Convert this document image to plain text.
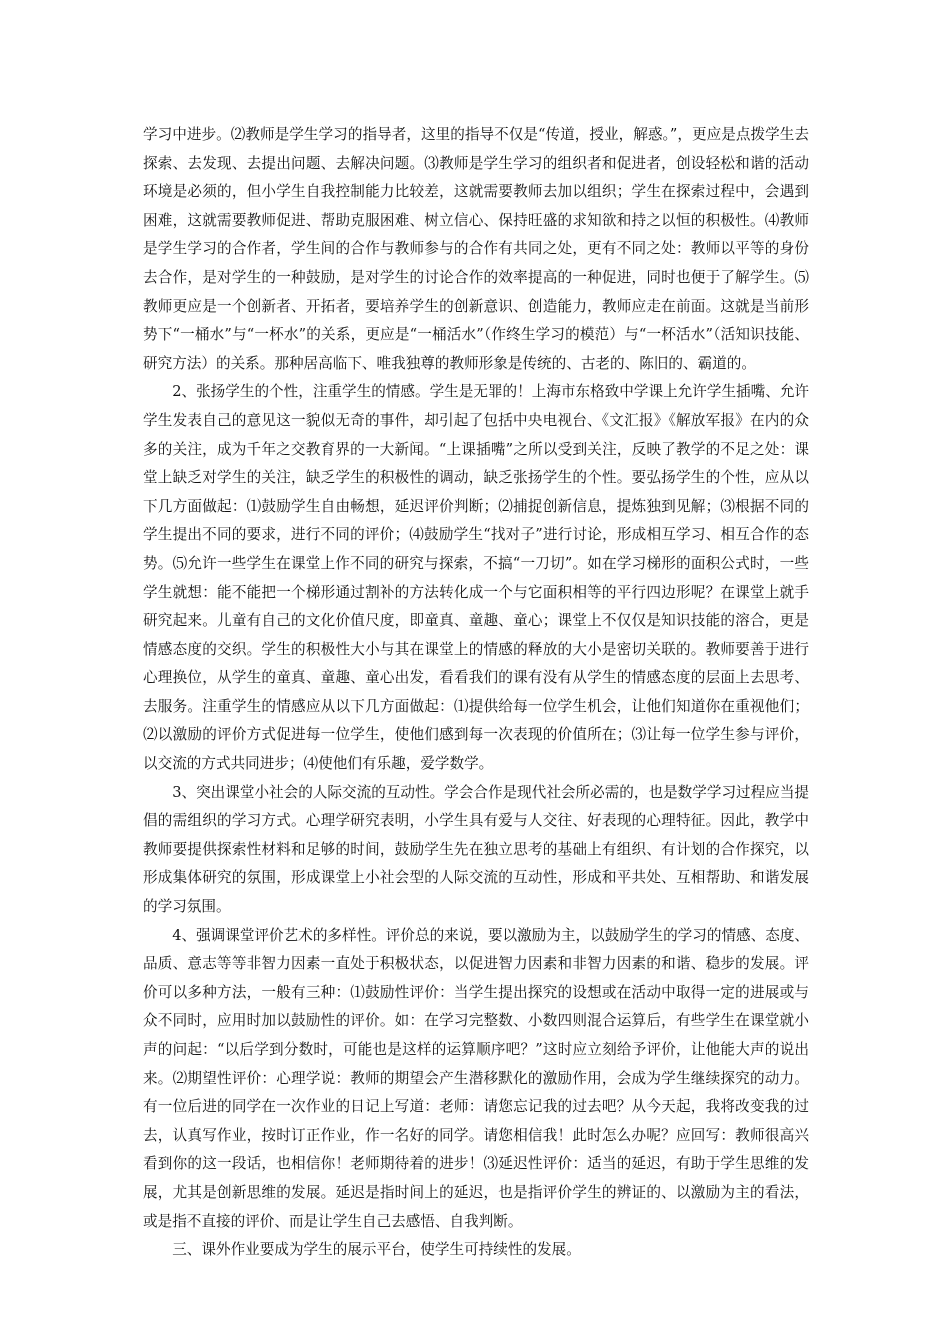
学习中进步。⑵教师是学生学习的指导者，这里的指导不仅是“传道，授业，解惑。”，更应是点拨学生去探索、去发现、去提出问题、去解决问题。⑶教师是学生学习的组织者和促进者，创设轻松和谐的活动环境是必须的，但小学生自我控制能力比较差，这就需要教师去加以组织；学生在探索过程中，会遇到困难，这就需要教师促进、帮助克服困难、树立信心、保持旺盛的求知欲和持之以恒的积极性。⑷教师是学生学习的合作者，学生间的合作与教师参与的合作有共同之处，更有不同之处：教师以平等的身份去合作，是对学生的一种鼓励，是对学生的讨论合作的效率提高的一种促进，同时也便于了解学生。⑸教师更应是一个创新者、开拓者，要培养学生的创新意识、创造能力，教师应走在前面。这就是当前形势下“一桶水”与“一杯水”的关系，更应是“一桶活水”（作终生学习的模范）与“一杯活水”（活知识技能、研究方法）的关系。那种居高临下、唯我独尊的教师形象是传统的、古老的、陈旧的、霸道的。

2、张扬学生的个性，注重学生的情感。学生是无罪的！上海市东格致中学课上允许学生插嘴、允许学生发表自己的意见这一貌似无奇的事件，却引起了包括中央电视台、《文汇报》《解放军报》在内的众多的关注，成为千年之交教育界的一大新闻。“上课插嘴”之所以受到关注，反映了教学的不足之处：课堂上缺乏对学生的关注，缺乏学生的积极性的调动，缺乏张扬学生的个性。要弘扬学生的个性，应从以下几方面做起：⑴鼓励学生自由畅想，延迟评价判断；⑵捕捉创新信息，提炼独到见解；⑶根据不同的学生提出不同的要求，进行不同的评价；⑷鼓励学生“找对子”进行讨论，形成相互学习、相互合作的态势。⑸允许一些学生在课堂上作不同的研究与探索，不搞“一刀切”。如在学习梯形的面积公式时，一些学生就想：能不能把一个梯形通过割补的方法转化成一个与它面积相等的平行四边形呢？在课堂上就手研究起来。儿童有自己的文化价值尺度，即童真、童趣、童心；课堂上不仅仅是知识技能的溶合，更是情感态度的交织。学生的积极性大小与其在课堂上的情感的释放的大小是密切关联的。教师要善于进行心理换位，从学生的童真、童趣、童心出发，看看我们的课有没有从学生的情感态度的层面上去思考、去服务。注重学生的情感应从以下几方面做起：⑴提供给每一位学生机会，让他们知道你在重视他们；⑵以激励的评价方式促进每一位学生，使他们感到每一次表现的价值所在；⑶让每一位学生参与评价，以交流的方式共同进步；⑷使他们有乐趣，爱学数学。

3、突出课堂小社会的人际交流的互动性。学会合作是现代社会所必需的，也是数学学习过程应当提倡的需组织的学习方式。心理学研究表明，小学生具有爱与人交往、好表现的心理特征。因此，教学中教师要提供探索性材料和足够的时间，鼓励学生先在独立思考的基础上有组织、有计划的合作探究，以形成集体研究的氛围，形成课堂上小社会型的人际交流的互动性，形成和平共处、互相帮助、和谐发展的学习氛围。

4、强调课堂评价艺术的多样性。评价总的来说，要以激励为主，以鼓励学生的学习的情感、态度、品质、意志等等非智力因素一直处于积极状态，以促进智力因素和非智力因素的和谐、稳步的发展。评价可以多种方法，一般有三种：⑴鼓励性评价：当学生提出探究的设想或在活动中取得一定的进展或与众不同时，应用时加以鼓励性的评价。如：在学习完整数、小数四则混合运算后，有些学生在课堂就小声的问起：“以后学到分数时，可能也是这样的运算顺序吧？”这时应立刻给予评价，让他能大声的说出来。⑵期望性评价：心理学说：教师的期望会产生潜移默化的激励作用，会成为学生继续探究的动力。有一位后进的同学在一次作业的日记上写道：老师：请您忘记我的过去吧？从今天起，我将改变我的过去，认真写作业，按时订正作业，作一名好的同学。请您相信我！此时怎么办呢？应回写：教师很高兴看到你的这一段话，也相信你！老师期待着的进步！⑶延迟性评价：适当的延迟，有助于学生思维的发展，尤其是创新思维的发展。延迟是指时间上的延迟，也是指评价学生的辨证的、以激励为主的看法，或是指不直接的评价、而是让学生自己去感悟、自我判断。

三、课外作业要成为学生的展示平台，使学生可持续性的发展。
